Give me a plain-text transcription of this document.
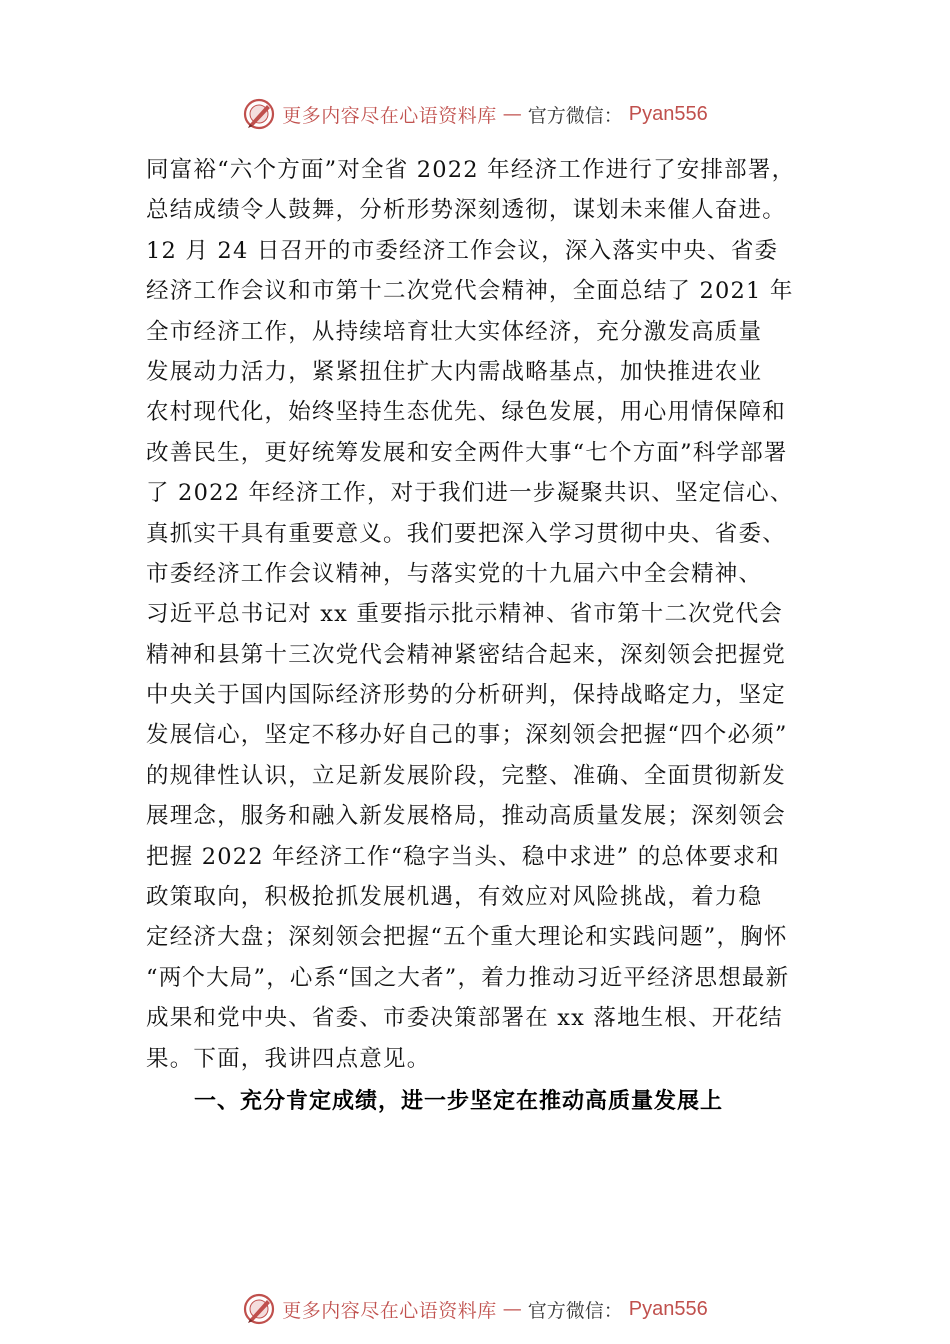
更多内容尽在心语资料库 — 官方微信： Pyan556
同富裕“六个方面”对全省 2022 年经济工作进行了安排部署，
总结成绩令人鼓舞，分析形势深刻透彻，谋划未来催人奋进。
12 月 24 日召开的市委经济工作会议，深入落实中央、省委
经济工作会议和市第十二次党代会精神，全面总结了 2021 年
全市经济工作，从持续培育壮大实体经济，充分激发高质量
发展动力活力，紧紧扭住扩大内需战略基点，加快推进农业
农村现代化，始终坚持生态优先、绿色发展，用心用情保障和
改善民生，更好统筹发展和安全两件大事“七个方面”科学部署
了 2022 年经济工作，对于我们进一步凝聚共识、坚定信心、
真抓实干具有重要意义。我们要把深入学习贯彻中央、省委、
市委经济工作会议精神，与落实党的十九届六中全会精神、
习近平总书记对 xx 重要指示批示精神、省市第十二次党代会
精神和县第十三次党代会精神紧密结合起来，深刻领会把握党
中央关于国内国际经济形势的分析研判，保持战略定力，坚定
发展信心，坚定不移办好自己的事；深刻领会把握“四个必须”
的规律性认识，立足新发展阶段，完整、准确、全面贯彻新发
展理念，服务和融入新发展格局，推动高质量发展；深刻领会
把握 2022 年经济工作“稳字当头、稳中求进” 的总体要求和
政策取向，积极抢抓发展机遇，有效应对风险挑战，着力稳
定经济大盘；深刻领会把握“五个重大理论和实践问题”，胸怀
“两个大局”，心系“国之大者”，着力推动习近平经济思想最新
成果和党中央、省委、市委决策部署在 xx 落地生根、开花结
果。下面，我讲四点意见。
一、充分肯定成绩，进一步坚定在推动高质量发展上
更多内容尽在心语资料库 — 官方微信： Pyan556
